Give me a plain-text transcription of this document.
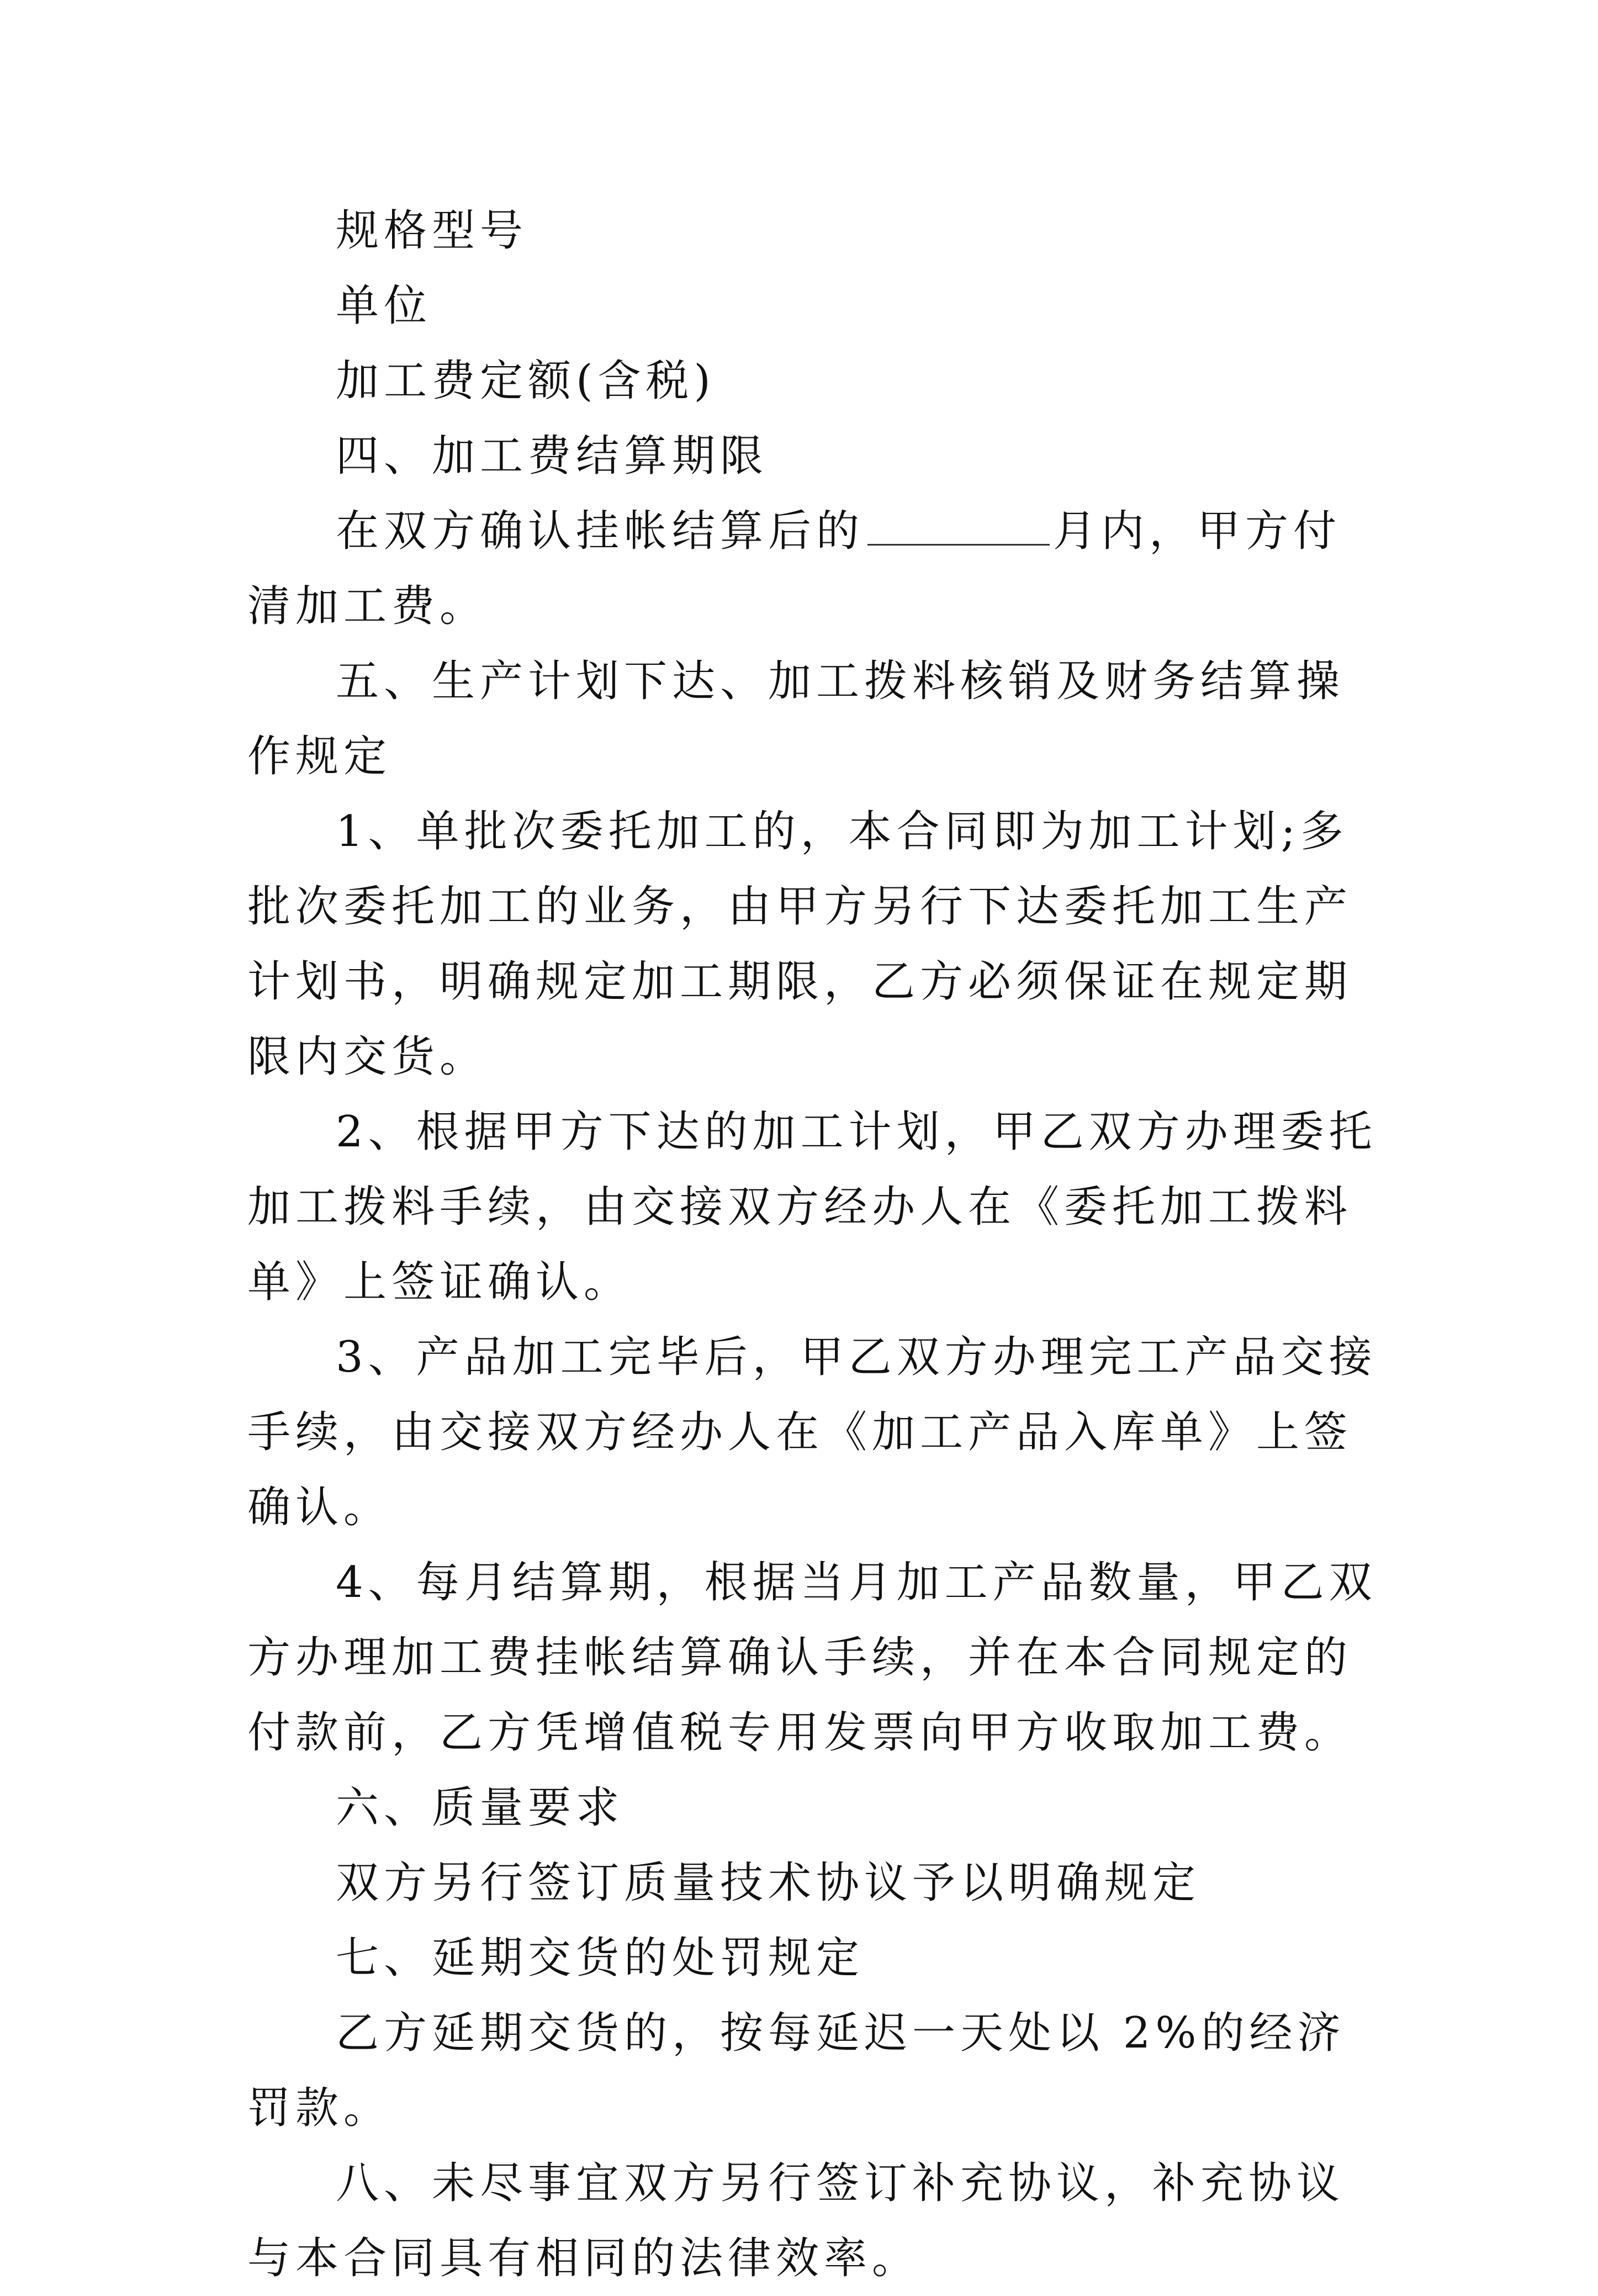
规格型号

单位

加工费定额(含税)

四、加工费结算期限

在双方确认挂帐结算后的	月内，甲方付清加工费。

五、生产计划下达、加工拨料核销及财务结算操作规定

1、单批次委托加工的，本合同即为加工计划;多批次委托加工的业务，由甲方另行下达委托加工生产计划书，明确规定加工期限，乙方必须保证在规定期限内交货。

2、根据甲方下达的加工计划，甲乙双方办理委托加工拨料手续，由交接双方经办人在《委托加工拨料单》上签证确认。

3、产品加工完毕后，甲乙双方办理完工产品交接手续，由交接双方经办人在《加工产品入库单》上签确认。

4、每月结算期，根据当月加工产品数量，甲乙双方办理加工费挂帐结算确认手续，并在本合同规定的付款前，乙方凭增值税专用发票向甲方收取加工费。

六、质量要求

双方另行签订质量技术协议予以明确规定

七、延期交货的处罚规定

乙方延期交货的，按每延迟一天处以 2%的经济罚款。

八、未尽事宜双方另行签订补充协议，补充协议与本合同具有相同的法律效率。
